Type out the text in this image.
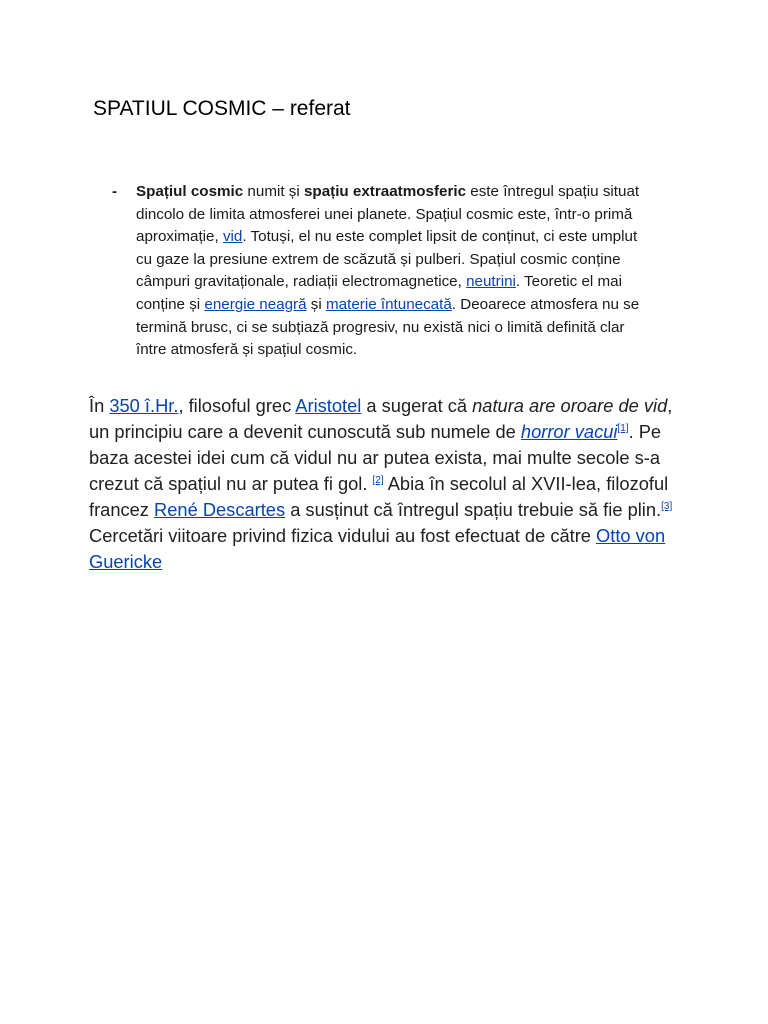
SPATIUL COSMIC – referat
- Spațiul cosmic numit și spațiu extraatmosferic este întregul spațiu situat dincolo de limita atmosferei unei planete. Spațiul cosmic este, într-o primă aproximație, vid. Totuși, el nu este complet lipsit de conținut, ci este umplut cu gaze la presiune extrem de scăzută și pulberi. Spațiul cosmic conține câmpuri gravitaționale, radiații electromagnetice, neutrini. Teoretic el mai conține și energie neagră și materie întunecată. Deoarece atmosfera nu se termină brusc, ci se subțiază progresiv, nu există nici o limită definită clar între atmosferă și spațiul cosmic.

În 350 î.Hr., filosoful grec Aristotel a sugerat că natura are oroare de vid, un principiu care a devenit cunoscută sub numele de horror vacui[1]. Pe baza acestei idei cum că vidul nu ar putea exista, mai multe secole s-a crezut că spațiul nu ar putea fi gol. [2] Abia în secolul al XVII-lea, filozoful francez René Descartes a susținut că întregul spațiu trebuie să fie plin.[3] Cercetări viitoare privind fizica vidului au fost efectuat de către Otto von Guericke
